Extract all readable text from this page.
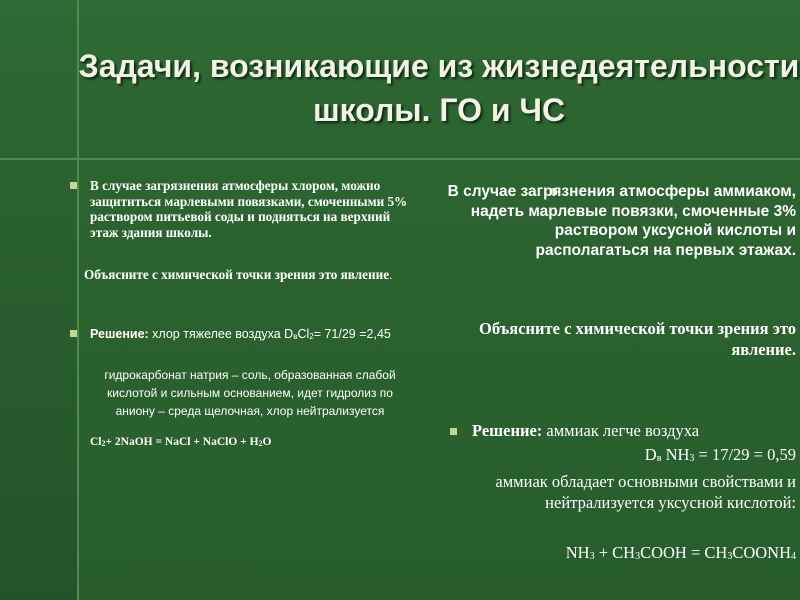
Задачи, возникающие из жизнедеятельности школы. ГО и ЧС
В случае загрязнения атмосферы хлором, можно защититься марлевыми повязками, смоченными 5% раствором питьевой соды и подняться на верхний этаж здания школы.
Объясните с химической точки зрения это явление.
Решение: хлор тяжелее воздуха $D_вCl_2= 71/29 =2,45$
гидрокарбонат натрия – соль, образованная слабой кислотой и сильным основанием, идет гидролиз по аниону – среда щелочная, хлор нейтрализуется
$Cl_2+$ 2NaOH = NaCl + NaClO + $H_2O$
В случае загрязнения атмосферы аммиаком, надеть марлевые повязки, смоченные 3% раствором уксусной кислоты и располагаться на первых этажах.
Объясните с химической точки зрения это явление.
Решение: аммиак легче воздуха
$D_в$ $NH_3 = 17/29 = 0,59$
аммиак обладает основными свойствами и нейтрализуется уксусной кислотой:
$NH_3$ + $CH_3COOH$ = $CH_3COONH_4$
